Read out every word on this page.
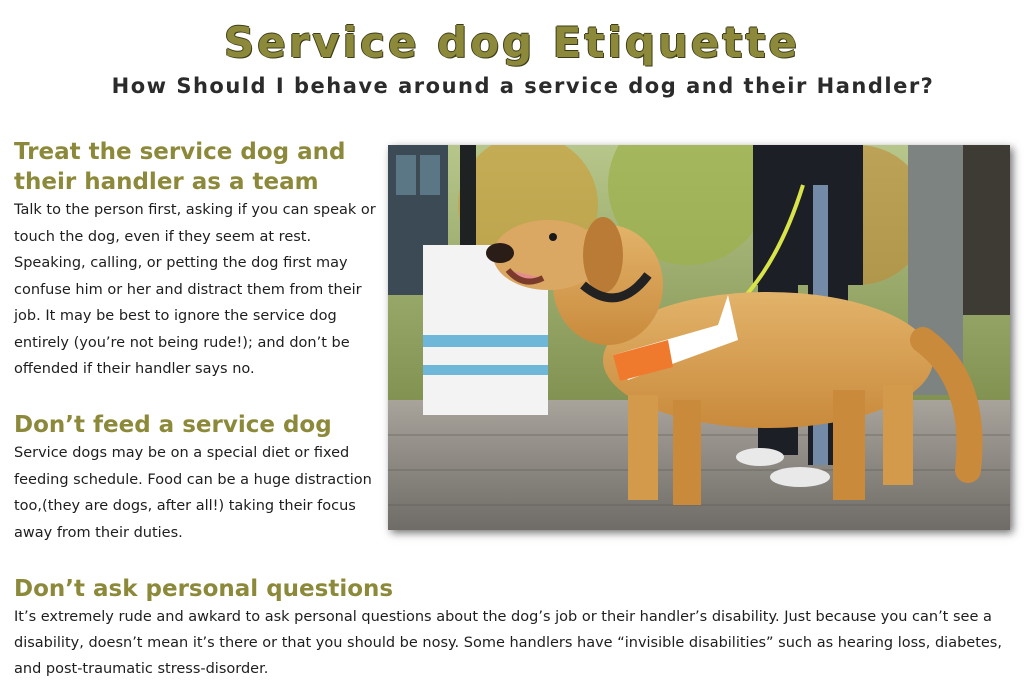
Service dog Etiquette
How Should I behave around a service dog and their Handler?
Treat the service dog and their handler as a team

Talk to the person first, asking if you can speak or touch the dog, even if they seem at rest. Speaking, calling, or petting the dog first may confuse him or her and distract them from their job. It may be best to ignore the service dog entirely (you’re not being rude!); and don’t be offended if their handler says no.

Don’t feed a service dog

Service dogs may be on a special diet or fixed feeding schedule. Food can be a huge distraction too,(they are dogs, after all!) taking their focus away from their duties.

Don’t ask personal questions

It’s extremely rude and awkard to ask personal questions about the dog’s job or their handler’s disability. Just because you can’t see a disability, doesn’t mean it’s there or that you should be nosy. Some handlers have “invisible disabilities” such as hearing loss, diabetes, and post-traumatic stress-disorder.
